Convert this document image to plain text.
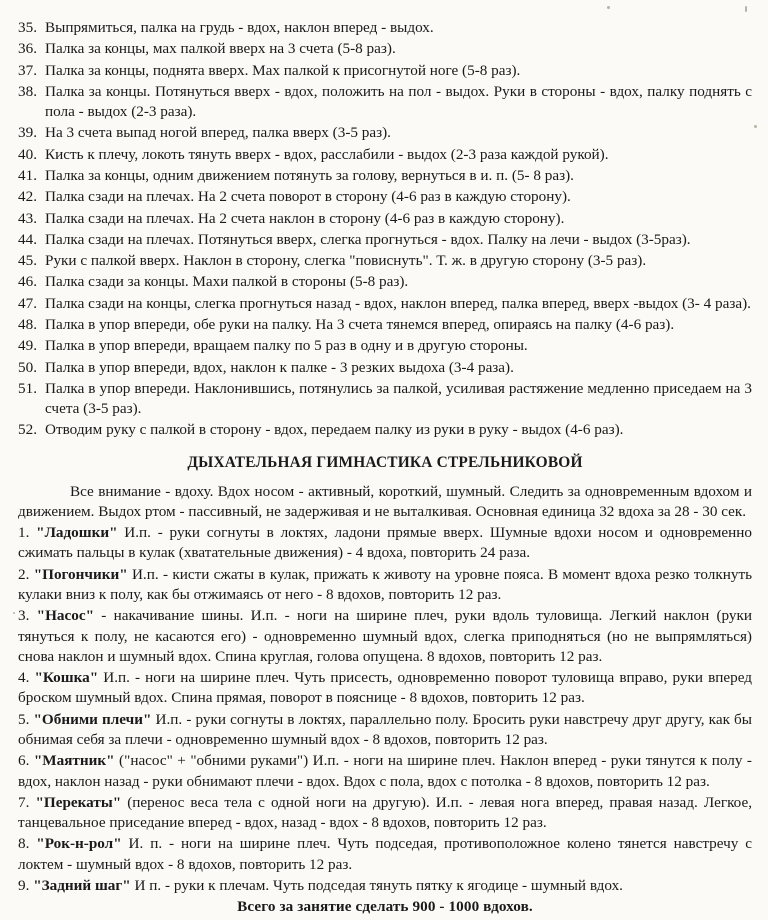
35. Выпрямиться, палка на грудь - вдох, наклон вперед - выдох.
36. Палка за концы, мах палкой вверх на 3 счета (5-8 раз).
37. Палка за концы, поднята вверх. Мах палкой к присогнутой ноге (5-8 раз).
38. Палка за концы. Потянуться вверх - вдох, положить на пол - выдох. Руки в стороны - вдох, палку поднять с пола - выдох (2-3 раза).
39. На 3 счета выпад ногой вперед, палка вверх (3-5 раз).
40. Кисть к плечу, локоть тянуть вверх - вдох, расслабили - выдох (2-3 раза каждой рукой).
41. Палка за концы, одним движением потянуть за голову, вернуться в и. п. (5- 8 раз).
42. Палка сзади на плечах. На 2 счета поворот в сторону (4-6 раз в каждую сторону).
43. Палка сзади на плечах. На 2 счета наклон в сторону (4-6 раз в каждую сторону).
44. Палка сзади на плечах. Потянуться вверх, слегка прогнуться - вдох. Палку на лечи - выдох (3-5раз).
45. Руки с палкой вверх. Наклон в сторону, слегка "повиснуть". Т. ж. в другую сторону (3-5 раз).
46. Палка сзади за концы. Махи палкой в стороны (5-8 раз).
47. Палка сзади на концы, слегка прогнуться назад - вдох, наклон вперед, палка вперед, вверх -выдох (3- 4 раза).
48. Палка в упор впереди, обе руки на палку. На 3 счета тянемся вперед, опираясь на палку (4-6 раз).
49. Палка в упор впереди, вращаем палку по 5 раз в одну и в другую стороны.
50. Палка в упор впереди, вдох, наклон к палке - 3 резких выдоха (3-4 раза).
51. Палка в упор впереди. Наклонившись, потянулись за палкой, усиливая растяжение медленно приседаем на 3 счета (3-5 раз).
52. Отводим руку с палкой в сторону - вдох, передаем палку из руки в руку - выдох (4-6 раз).
ДЫХАТЕЛЬНАЯ ГИМНАСТИКА СТРЕЛЬНИКОВОЙ

Все внимание - вдоху. Вдох носом - активный, короткий, шумный. Следить за одновременным вдохом и движением. Выдох ртом - пассивный, не задерживая и не выталкивая. Основная единица 32 вдоха за 28 - 30 сек.

1. "Ладошки" И.п. - руки согнуты в локтях, ладони прямые вверх. Шумные вдохи носом и одновременно сжимать пальцы в кулак (хватательные движения) - 4 вдоха, повторить 24 раза.

2. "Погончики" И.п. - кисти сжаты в кулак, прижать к животу на уровне пояса. В момент вдоха резко толкнуть кулаки вниз к полу, как бы отжимаясь от него - 8 вдохов, повторить 12 раз.

3. "Насос" - накачивание шины. И.п. - ноги на ширине плеч, руки вдоль туловища. Легкий наклон (руки тянуться к полу, не касаются его) - одновременно шумный вдох, слегка приподняться (но не выпрямляться) снова наклон и шумный вдох. Спина круглая, голова опущена. 8 вдохов, повторить 12 раз.

4. "Кошка" И.п. - ноги на ширине плеч. Чуть присесть, одновременно поворот туловища вправо, руки вперед броском шумный вдох. Спина прямая, поворот в пояснице - 8 вдохов, повторить 12 раз.

5. "Обними плечи" И.п. - руки согнуты в локтях, параллельно полу. Бросить руки навстречу друг другу, как бы обнимая себя за плечи - одновременно шумный вдох - 8 вдохов, повторить 12 раз.

6. "Маятник" ("насос" + "обними руками") И.п. - ноги на ширине плеч. Наклон вперед - руки тянутся к полу - вдох, наклон назад - руки обнимают плечи - вдох. Вдох с пола, вдох с потолка - 8 вдохов, повторить 12 раз.

7. "Перекаты" (перенос веса тела с одной ноги на другую). И.п. - левая нога вперед, правая назад. Легкое, танцевальное приседание вперед - вдох, назад - вдох - 8 вдохов, повторить 12 раз.

8. "Рок-н-рол" И. п. - ноги на ширине плеч. Чуть подседая, противоположное колено тянется навстречу с локтем - шумный вдох - 8 вдохов, повторить 12 раз.

9. "Задний шаг" И п. - руки к плечам. Чуть подседая тянуть пятку к ягодице - шумный вдох.

Всего за занятие сделать 900 - 1000 вдохов.
